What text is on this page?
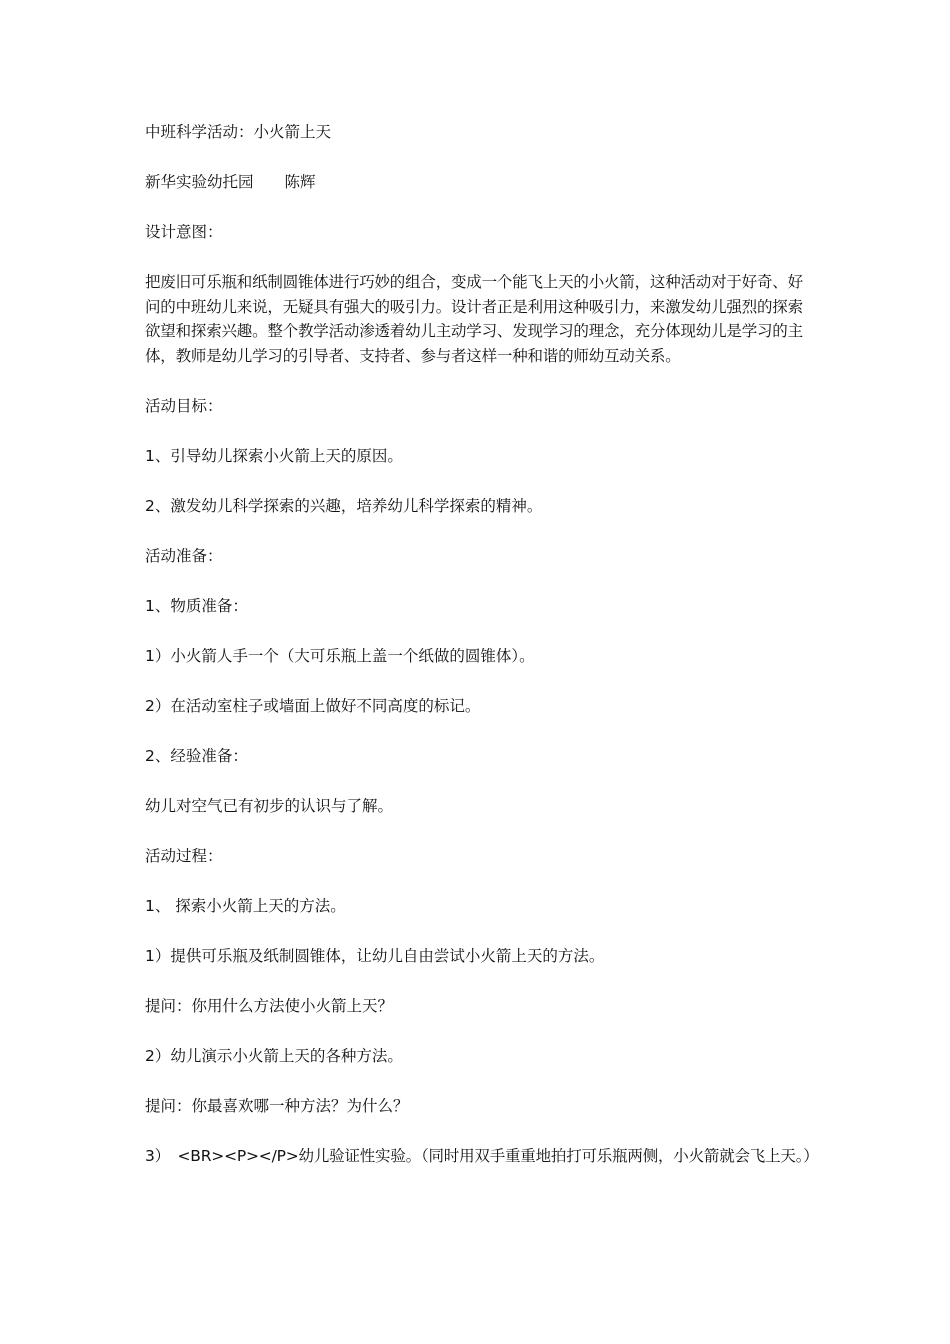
中班科学活动：小火箭上天

新华实验幼托园　　陈辉

设计意图：

把废旧可乐瓶和纸制圆锥体进行巧妙的组合，变成一个能飞上天的小火箭，这种活动对于好奇、好问的中班幼儿来说，无疑具有强大的吸引力。设计者正是利用这种吸引力，来激发幼儿强烈的探索欲望和探索兴趣。整个教学活动渗透着幼儿主动学习、发现学习的理念，充分体现幼儿是学习的主体，教师是幼儿学习的引导者、支持者、参与者这样一种和谐的师幼互动关系。

活动目标：

1、引导幼儿探索小火箭上天的原因。

2、激发幼儿科学探索的兴趣，培养幼儿科学探索的精神。

活动准备：

1、物质准备：

1）小火箭人手一个（大可乐瓶上盖一个纸做的圆锥体）。

2）在活动室柱子或墙面上做好不同高度的标记。

2、经验准备：

幼儿对空气已有初步的认识与了解。

活动过程：

1、 探索小火箭上天的方法。

1）提供可乐瓶及纸制圆锥体，让幼儿自由尝试小火箭上天的方法。

提问：你用什么方法使小火箭上天？

2）幼儿演示小火箭上天的各种方法。

提问：你最喜欢哪一种方法？为什么？

3）　<BR><P></P>幼儿验证性实验。（同时用双手重重地拍打可乐瓶两侧，小火箭就会飞上天。）
